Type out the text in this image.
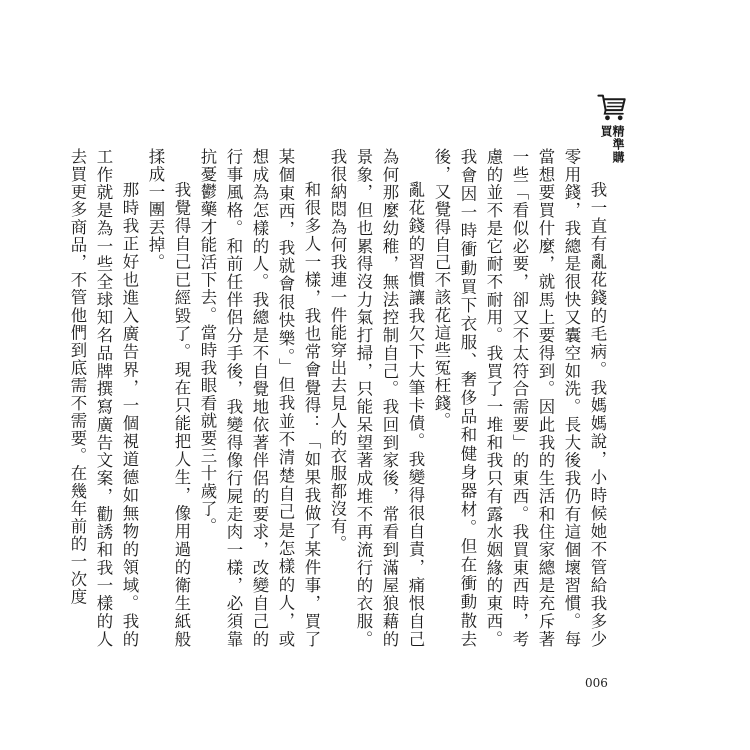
精準購買

我一直有亂花錢的毛病。我媽媽說，小時候她不管給我多少零用錢，我總是很快又囊空如洗。長大後我仍有這個壞習慣。每當想要買什麼，就馬上要得到。因此我的生活和住家總是充斥著一些「看似必要，卻又不太符合需要」的東西。我買東西時，考慮的並不是它耐不耐用。我買了一堆和我只有露水姻緣的東西。我會因一時衝動買下衣服、奢侈品和健身器材。但在衝動散去後，又覺得自己不該花這些冤枉錢。

亂花錢的習慣讓我欠下大筆卡債。我變得很自責，痛恨自己為何那麼幼稚，無法控制自己。我回到家後，常看到滿屋狼藉的景象，但也累得沒力氣打掃，只能呆望著成堆不再流行的衣服。我很納悶為何我連一件能穿出去見人的衣服都沒有。

和很多人一樣，我也常會覺得：「如果我做了某件事，買了某個東西，我就會很快樂。」但我並不清楚自己是怎樣的人，或想成為怎樣的人。我總是不自覺地依著伴侶的要求，改變自己的行事風格。和前任伴侶分手後，我變得像行屍走肉一樣，必須靠抗憂鬱藥才能活下去。當時我眼看就要三十歲了。

我覺得自己已經毀了。現在只能把人生，像用過的衛生紙般揉成一團丟掉。

那時我正好也進入廣告界，一個視道德如無物的領域。我的工作就是為一些全球知名品牌撰寫廣告文案，勸誘和我一樣的人去買更多商品，不管他們到底需不需要。在幾年前的一次度

006
